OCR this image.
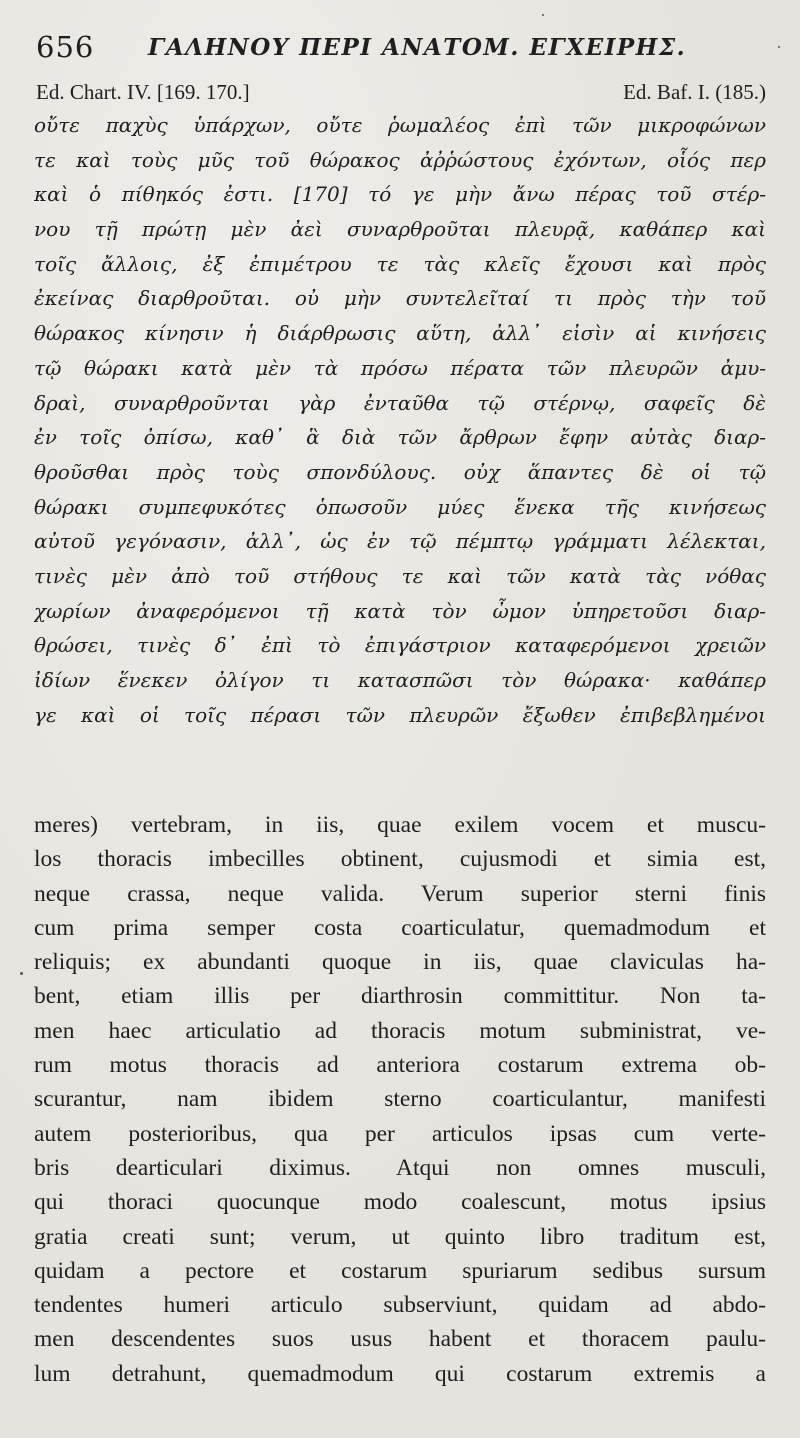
656 ΓΑΛΗΝΟΥ ΠΕΡΙ ΑΝΑΤΟΜ. ΕΓΧΕΙΡΗΣ.
Ed. Chart. IV. [169. 170.]	Ed. Baf. I. (185.)
οὔτε παχὺς ὑπάρχων, οὔτε ῥωμαλέος ἐπὶ τῶν μικροφώνων
τε καὶ τοὺς μῦς τοῦ θώρακος ἀῤῥώστους ἐχόντων, οἷός περ
καὶ ὁ πίθηκός ἐστι. [170] τό γε μὴν ἄνω πέρας τοῦ στέρ-
νου τῇ πρώτῃ μὲν ἀεὶ συναρθροῦται πλευρᾷ, καθάπερ καὶ
τοῖς ἄλλοις, ἐξ ἐπιμέτρου τε τὰς κλεῖς ἔχουσι καὶ πρὸς
ἐκείνας διαρθροῦται. οὐ μὴν συντελεῖταί τι πρὸς τὴν τοῦ
θώρακος κίνησιν ἡ διάρθρωσις αὕτη, ἀλλ᾽ εἰσὶν αἱ κινήσεις
τῷ θώρακι κατὰ μὲν τὰ πρόσω πέρατα τῶν πλευρῶν ἀμυ-
δραὶ, συναρθροῦνται γὰρ ἐνταῦθα τῷ στέρνῳ, σαφεῖς δὲ
ἐν τοῖς ὀπίσω, καθ᾽ ἃ διὰ τῶν ἄρθρων ἔφην αὐτὰς διαρ-
θροῦσθαι πρὸς τοὺς σπονδύλους. οὐχ ἅπαντες δὲ οἱ τῷ
θώρακι συμπεφυκότες ὁπωσοῦν μύες ἕνεκα τῆς κινήσεως
αὐτοῦ γεγόνασιν, ἀλλ᾽, ὡς ἐν τῷ πέμπτῳ γράμματι λέλεκται,
τινὲς μὲν ἀπὸ τοῦ στήθους τε καὶ τῶν κατὰ τὰς νόθας
χωρίων ἀναφερόμενοι τῇ κατὰ τὸν ὦμον ὑπηρετοῦσι διαρ-
θρώσει, τινὲς δ᾽ ἐπὶ τὸ ἐπιγάστριον καταφερόμενοι χρειῶν
ἰδίων ἕνεκεν ὀλίγον τι κατασπῶσι τὸν θώρακα· καθάπερ
γε καὶ οἱ τοῖς πέρασι τῶν πλευρῶν ἔξωθεν ἐπιβεβλημένοι
meres) vertebram, in iis, quae exilem vocem et muscu-
los thoracis imbecilles obtinent, cujusmodi et simia est,
neque crassa, neque valida. Verum superior sterni finis
cum prima semper costa coarticulatur, quemadmodum et
reliquis; ex abundanti quoque in iis, quae claviculas ha-
bent, etiam illis per diarthrosin committitur. Non ta-
men haec articulatio ad thoracis motum subministrat, ve-
rum motus thoracis ad anteriora costarum extrema ob-
scurantur, nam ibidem sterno coarticulantur, manifesti
autem posterioribus, qua per articulos ipsas cum verte-
bris dearticulari diximus. Atqui non omnes musculi,
qui thoraci quocunque modo coalescunt, motus ipsius
gratia creati sunt; verum, ut quinto libro traditum est,
quidam a pectore et costarum spuriarum sedibus sursum
tendentes humeri articulo subserviunt, quidam ad abdo-
men descendentes suos usus habent et thoracem paulu-
lum detrahunt, quemadmodum qui costarum extremis a
